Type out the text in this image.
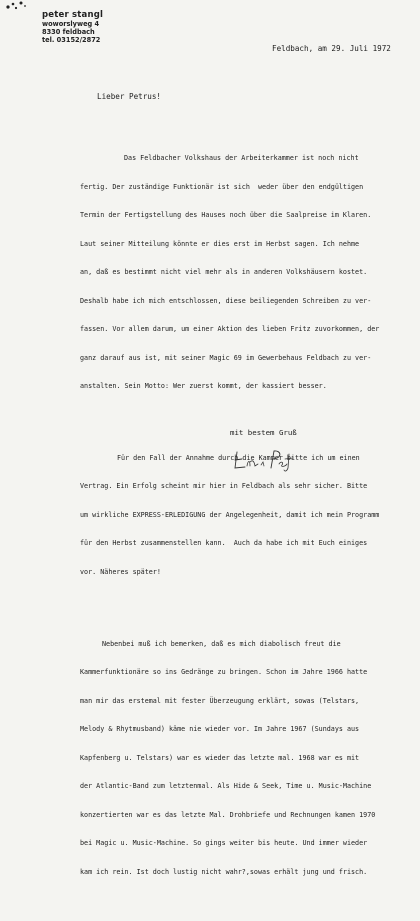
peter stangl
woworslyweg 4
8330 feldbach
tel. 03152/2872
Feldbach, am 29. Juli 1972
Lieber Petrus!

Das Feldbacher Volkshaus der Arbeiterkammer ist noch nicht

fertig. Der zuständige Funktionär ist sich  weder über den endgültigen

Termin der Fertigstellung des Hauses noch über die Saalpreise im Klaren.

Laut seiner Mitteilung könnte er dies erst im Herbst sagen. Ich nehme

an, daß es bestimmt nicht viel mehr als in anderen Volkshäusern kostet.

Deshalb habe ich mich entschlossen, diese beiliegenden Schreiben zu ver-

fassen. Vor allem darum, um einer Aktion des lieben Fritz zuvorkommen, der

ganz darauf aus ist, mit seiner Magic 69 im Gewerbehaus Feldbach zu ver-

anstalten. Sein Motto: Wer zuerst kommt, der kassiert besser.

Für den Fall der Annahme durch die Kammer bitte ich um einen

Vertrag. Ein Erfolg scheint mir hier in Feldbach als sehr sicher. Bitte

um wirkliche EXPRESS-ERLEDIGUNG der Angelegenheit, damit ich mein Programm

für den Herbst zusammenstellen kann.  Auch da habe ich mit Euch einiges

vor. Näheres später!

Nebenbei muß ich bemerken, daß es mich diabolisch freut die

Kammerfunktionäre so ins Gedränge zu bringen. Schon im Jahre 1966 hatte

man mir das erstemal mit fester Überzeugung erklärt, sowas (Telstars,

Melody & Rhytmusband) käme nie wieder vor. Im Jahre 1967 (Sundays aus

Kapfenberg u. Telstars) war es wieder das letzte mal. 1968 war es mit

der Atlantic-Band zum letztenmal. Als Hide & Seek, Time u. Music-Machine

konzertierten war es das letzte Mal. Drohbriefe und Rechnungen kamen 1970

bei Magic u. Music-Machine. So gings weiter bis heute. Und immer wieder

kam ich rein. Ist doch lustig nicht wahr?,sowas erhält jung und frisch.

mit bestem Gruß
